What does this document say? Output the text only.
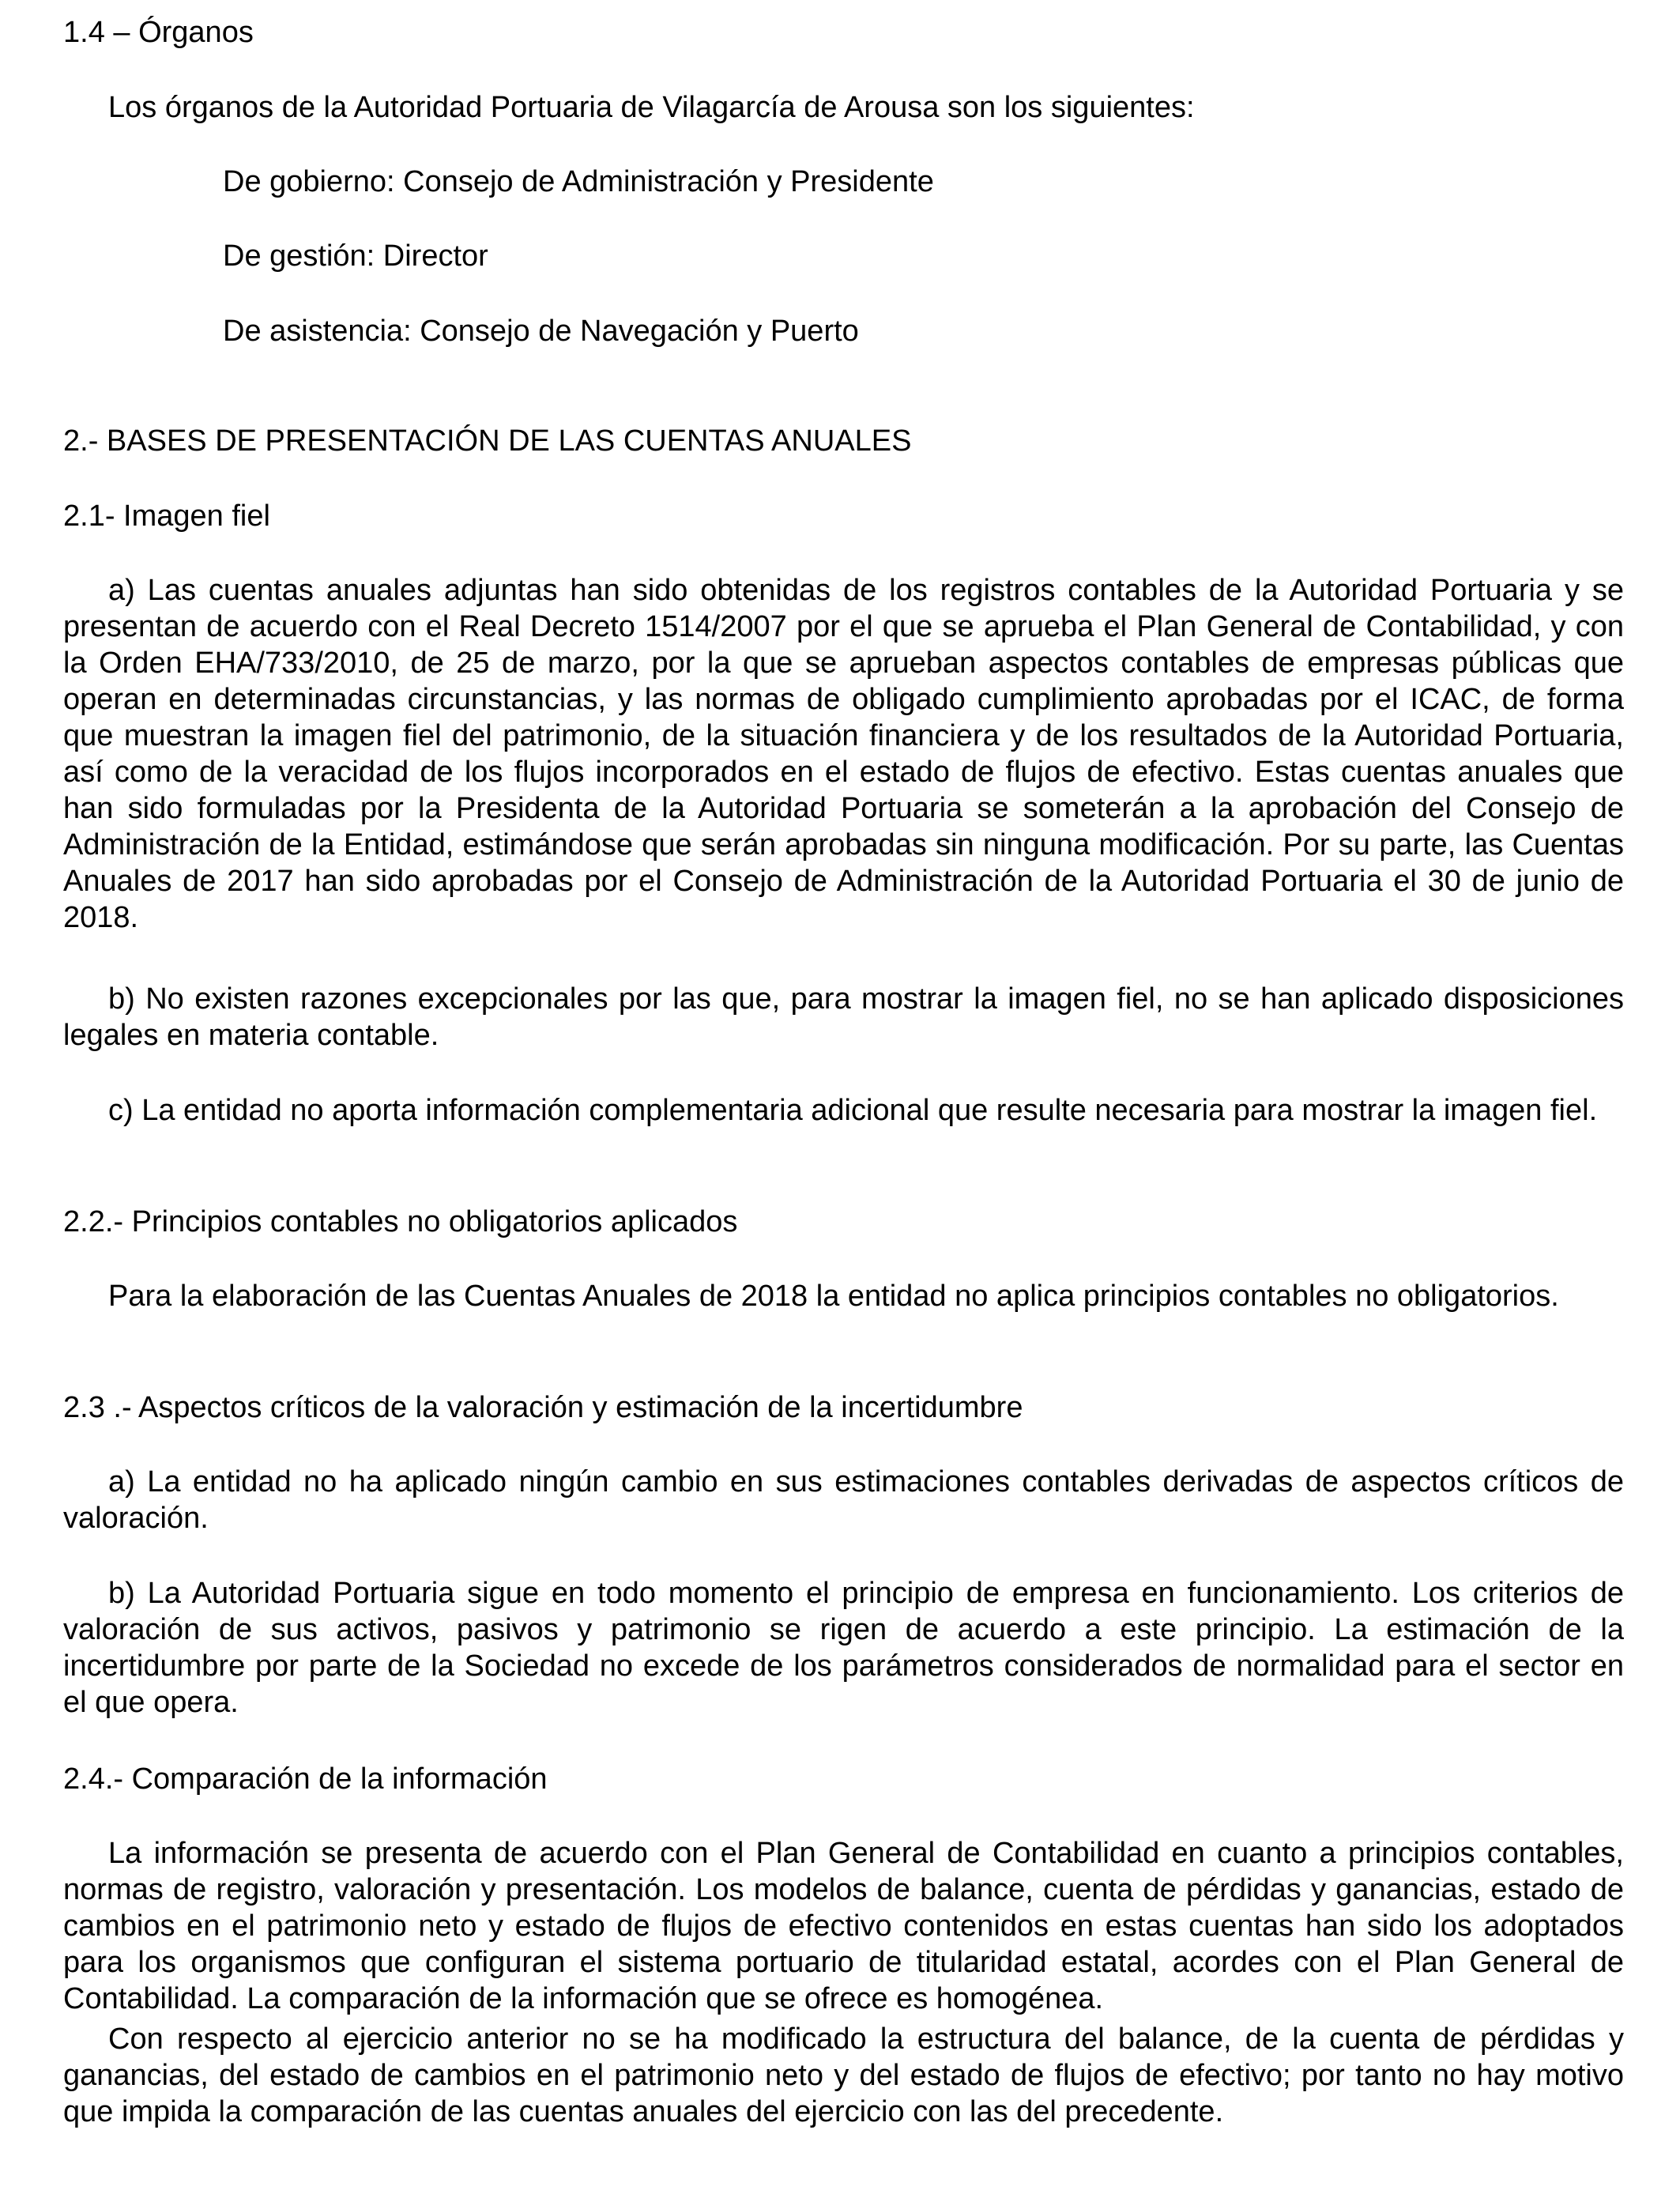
1.4 – Órganos

Los órganos de la Autoridad Portuaria de Vilagarcía de Arousa son los siguientes:

De gobierno: Consejo de Administración y Presidente

De gestión: Director

De asistencia: Consejo de Navegación y Puerto

2.- BASES DE PRESENTACIÓN DE LAS CUENTAS ANUALES

2.1- Imagen fiel

a) Las cuentas anuales adjuntas han sido obtenidas de los registros contables de la Autoridad Portuaria y se presentan de acuerdo con el Real Decreto 1514/2007 por el que se aprueba el Plan General de Contabilidad, y con la Orden EHA/733/2010, de 25 de marzo, por la que se aprueban aspectos contables de empresas públicas que operan en determinadas circunstancias, y las normas de obligado cumplimiento aprobadas por el ICAC, de forma que muestran la imagen fiel del patrimonio, de la situación financiera y de los resultados de la Autoridad Portuaria, así como de la veracidad de los flujos incorporados en el estado de flujos de efectivo. Estas cuentas anuales que han sido formuladas por la Presidenta de la Autoridad Portuaria se someterán a la aprobación del Consejo de Administración de la Entidad, estimándose que serán aprobadas sin ninguna modificación. Por su parte, las Cuentas Anuales de 2017 han sido aprobadas por el Consejo de Administración de la Autoridad Portuaria el 30 de junio de 2018.

b) No existen razones excepcionales por las que, para mostrar la imagen fiel, no se han aplicado disposiciones legales en materia contable.

c) La entidad no aporta información complementaria adicional que resulte necesaria para mostrar la imagen fiel.

2.2.- Principios contables no obligatorios aplicados

Para la elaboración de las Cuentas Anuales de 2018 la entidad no aplica principios contables no obligatorios.

2.3 .- Aspectos críticos de la valoración y estimación de la incertidumbre

a) La entidad no ha aplicado ningún cambio en sus estimaciones contables derivadas de aspectos críticos de valoración.

b) La Autoridad Portuaria sigue en todo momento el principio de empresa en funcionamiento. Los criterios de valoración de sus activos, pasivos y patrimonio se rigen de acuerdo a este principio. La estimación de la incertidumbre por parte de la Sociedad no excede de los parámetros considerados de normalidad para el sector en el que opera.

2.4.- Comparación de la información

La información se presenta de acuerdo con el Plan General de Contabilidad en cuanto a principios contables, normas de registro, valoración y presentación. Los modelos de balance, cuenta de pérdidas y ganancias, estado de cambios en el patrimonio neto y estado de flujos de efectivo contenidos en estas cuentas han sido los adoptados para los organismos que configuran el sistema portuario de titularidad estatal, acordes con el Plan General de Contabilidad. La comparación de la información que se ofrece es homogénea.

Con respecto al ejercicio anterior no se ha modificado la estructura del balance, de la cuenta de pérdidas y ganancias, del estado de cambios en el patrimonio neto y del estado de flujos de efectivo; por tanto no hay motivo que impida la comparación de las cuentas anuales del ejercicio con las del precedente.
